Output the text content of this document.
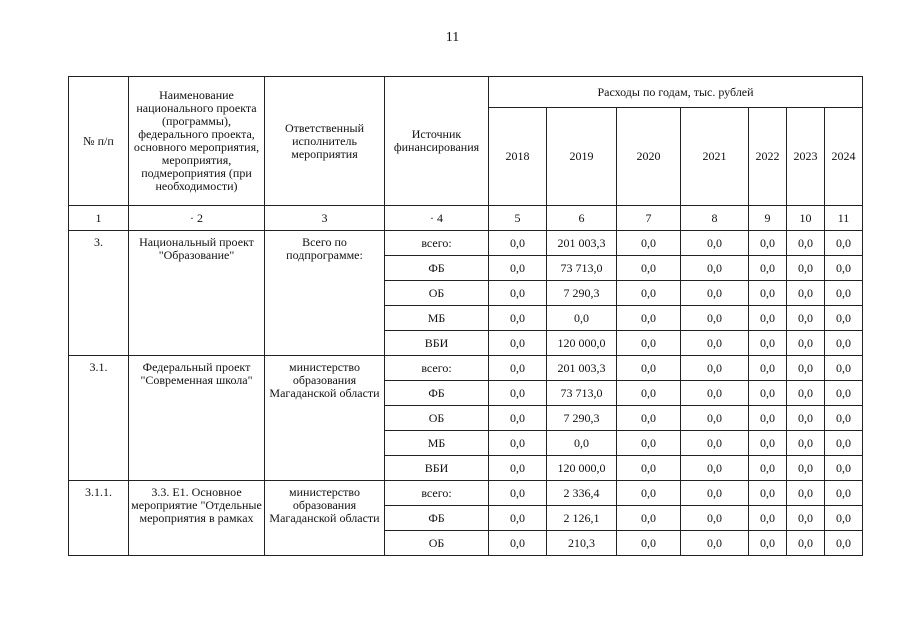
11
№ п/п	Наименование национального проекта (программы), федерального проекта, основного мероприятия, мероприятия, подмероприятия (при необходимости)	Ответственный исполнитель мероприятия	Источник финансирования	Расходы по годам, тыс. рублей						
				2018	2019	2020	2021	2022	2023	2024
1	· 2	3	· 4	5	6	7	8	9	10	11
3.	Национальный проект "Образование"	Всего по подпрограмме:	всего:	0,0	201 003,3	0,0	0,0	0,0	0,0	0,0
			ФБ	0,0	73 713,0	0,0	0,0	0,0	0,0	0,0
			ОБ	0,0	7 290,3	0,0	0,0	0,0	0,0	0,0
			МБ	0,0	0,0	0,0	0,0	0,0	0,0	0,0
			ВБИ	0,0	120 000,0	0,0	0,0	0,0	0,0	0,0
3.1.	Федеральный проект "Современная школа"	министерство образования Магаданской области	всего:	0,0	201 003,3	0,0	0,0	0,0	0,0	0,0
			ФБ	0,0	73 713,0	0,0	0,0	0,0	0,0	0,0
			ОБ	0,0	7 290,3	0,0	0,0	0,0	0,0	0,0
			МБ	0,0	0,0	0,0	0,0	0,0	0,0	0,0
			ВБИ	0,0	120 000,0	0,0	0,0	0,0	0,0	0,0
3.1.1.	3.3. Е1. Основное мероприятие "Отдельные мероприятия в рамках	министерство образования Магаданской области	всего:	0,0	2 336,4	0,0	0,0	0,0	0,0	0,0
			ФБ	0,0	2 126,1	0,0	0,0	0,0	0,0	0,0
			ОБ	0,0	210,3	0,0	0,0	0,0	0,0	0,0
